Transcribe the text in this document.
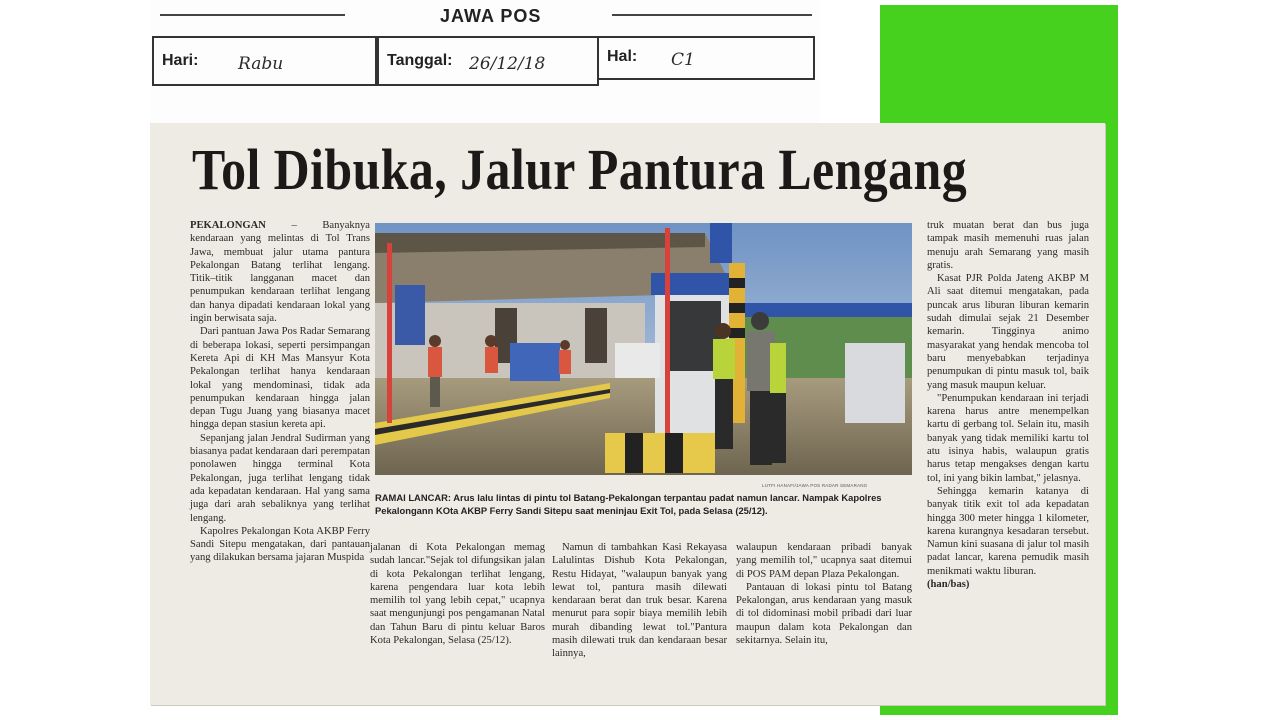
JAWA POS
Hari: Rabu	Tanggal: 26/12/18	Hal: C1
Tol Dibuka, Jalur Pantura Lengang

PEKALONGAN – Banyaknya kendaraan yang melintas di Tol Trans Jawa, membuat jalur utama pantura Pekalongan Batang terlihat lengang. Titik–titik langganan macet dan penumpukan kendaraan terlihat lengang dan hanya dipadati kendaraan lokal yang ingin berwisata saja.

Dari pantuan Jawa Pos Radar Semarang di beberapa lokasi, seperti persimpangan Kereta Api di KH Mas Mansyur Kota Pekalongan terlihat hanya kendaraan lokal yang mendominasi, tidak ada penumpukan kendaraan hingga jalan depan Tugu Juang yang biasanya macet hingga depan stasiun kereta api.

Sepanjang jalan Jendral Sudirman yang biasanya padat kendaraan dari perempatan ponolawen hingga terminal Kota Pekalongan, juga terlihat lengang tidak ada kepadatan kendaraan. Hal yang sama juga dari arah sebaliknya yang terlihat lengang.

Kapolres Pekalongan Kota AKBP Ferry Sandi Sitepu mengatakan, dari pantauan yang dilakukan bersama jajaran Muspida

LUTFI HANAFI/JAWA POS RADAR SEMARANG
RAMAI LANCAR: Arus lalu lintas di pintu tol Batang-Pekalongan terpantau padat namun lancar. Nampak Kapolres Pekalongann KOta AKBP Ferry Sandi Sitepu saat meninjau Exit Tol, pada Selasa (25/12).

jalanan di Kota Pekalongan memag sudah lancar."Sejak tol difungsikan jalan di kota Pekalongan terlihat lengang, karena pengendara luar kota lebih memilih tol yang lebih cepat," ucapnya saat mengunjungi pos pengamanan Natal dan Tahun Baru di pintu keluar Baros Kota Pekalongan, Selasa (25/12).

Namun di tambahkan Kasi Rekayasa Lalulintas Dishub Kota Pekalongan, Restu Hidayat, "walaupun banyak yang lewat tol, pantura masih dilewati kendaraan berat dan truk besar. Karena menurut para sopir biaya memilih lebih murah dibanding lewat tol."Pantura masih dilewati truk dan kendaraan besar lainnya,

walaupun kendaraan pribadi banyak yang memilih tol," ucapnya saat ditemui di POS PAM depan Plaza Pekalongan.

Pantauan di lokasi pintu tol Batang Pekalongan, arus kendaraan yang masuk di tol didominasi mobil pribadi dari luar maupun dalam kota Pekalongan dan sekitarnya. Selain itu,

truk muatan berat dan bus juga tampak masih memenuhi ruas jalan menuju arah Semarang yang masih gratis.

Kasat PJR Polda Jateng AKBP M Ali saat ditemui mengatakan, pada puncak arus liburan liburan kemarin sudah dimulai sejak 21 Desember kemarin. Tingginya animo masyarakat yang hendak mencoba tol baru menyebabkan terjadinya penumpukan di pintu masuk tol, baik yang masuk maupun keluar.

"Penumpukan kendaraan ini terjadi karena harus antre menempelkan kartu di gerbang tol. Selain itu, masih banyak yang tidak memiliki kartu tol atu isinya habis, walaupun gratis harus tetap mengakses dengan kartu tol, ini yang bikin lambat," jelasnya.

Sehingga kemarin katanya di banyak titik exit tol ada kepadatan hingga 300 meter hingga 1 kilometer, karena kurangnya kesadaran tersebut. Namun kini suasana di jalur tol masih padat lancar, karena pemudik masih menikmati waktu liburan.

(han/bas)
